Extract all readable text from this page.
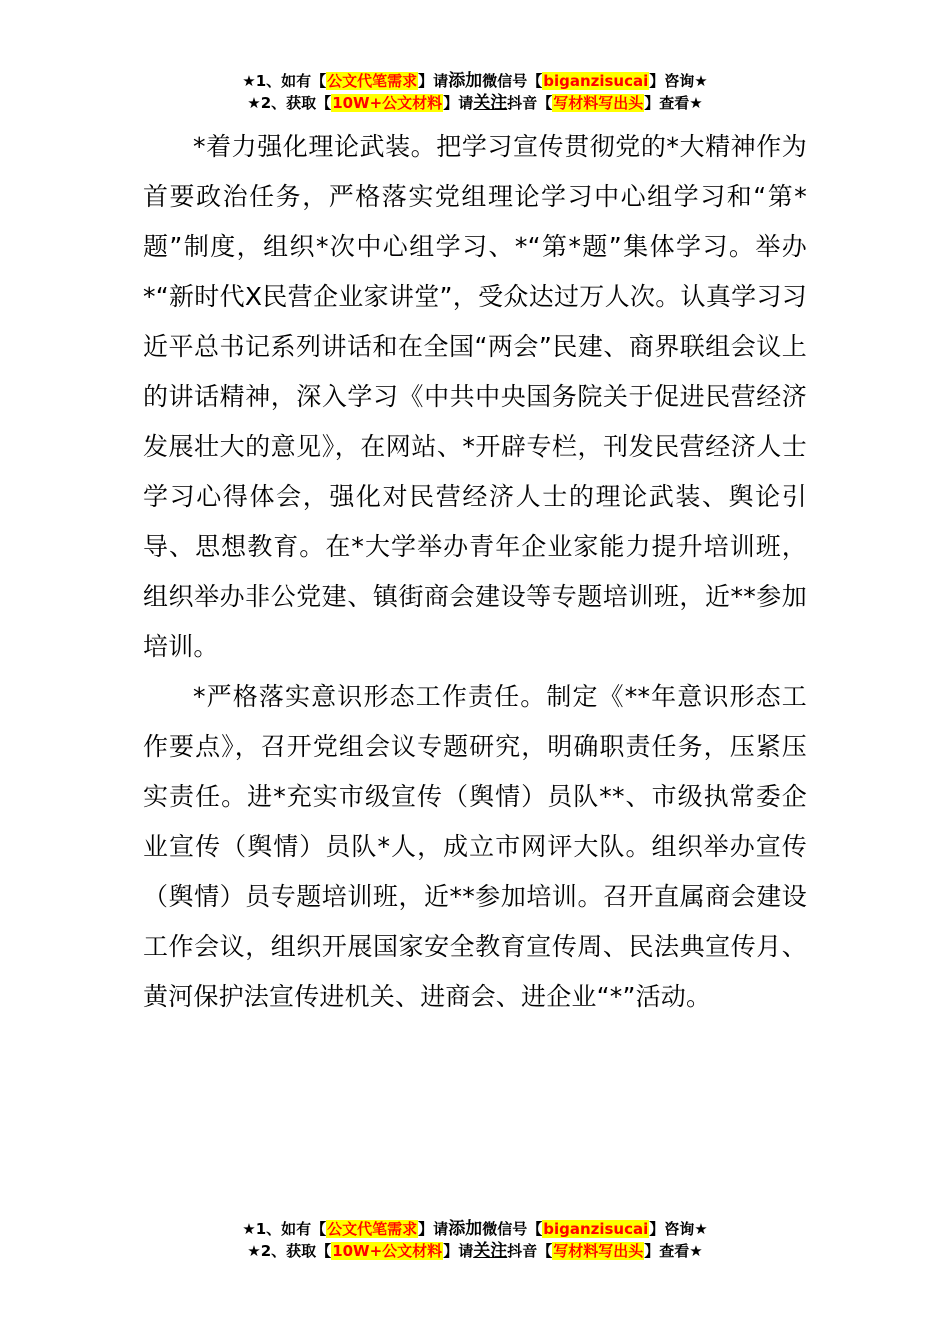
★1、如有【公文代笔需求】请添加微信号【biganzisucai】咨询★
★2、获取【10W+公文材料】请关注抖音【写材料写出头】查看★

*着力强化理论武装。把学习宣传贯彻党的*大精神作为首要政治任务，严格落实党组理论学习中心组学习和“第*题”制度，组织*次中心组学习、*“第*题”集体学习。举办*“新时代X民营企业家讲堂”，受众达过万人次。认真学习习近平总书记系列讲话和在全国“两会”民建、商界联组会议上的讲话精神，深入学习《中共中央国务院关于促进民营经济发展壮大的意见》，在网站、*开辟专栏，刊发民营经济人士学习心得体会，强化对民营经济人士的理论武装、舆论引导、思想教育。在*大学举办青年企业家能力提升培训班，组织举办非公党建、镇街商会建设等专题培训班，近**参加培训。

*严格落实意识形态工作责任。制定《**年意识形态工作要点》，召开党组会议专题研究，明确职责任务，压紧压实责任。进*充实市级宣传（舆情）员队**、市级执常委企业宣传（舆情）员队*人，成立市网评大队。组织举办宣传（舆情）员专题培训班，近**参加培训。召开直属商会建设工作会议，组织开展国家安全教育宣传周、民法典宣传月、黄河保护法宣传进机关、进商会、进企业“*”活动。

★1、如有【公文代笔需求】请添加微信号【biganzisucai】咨询★
★2、获取【10W+公文材料】请关注抖音【写材料写出头】查看★
